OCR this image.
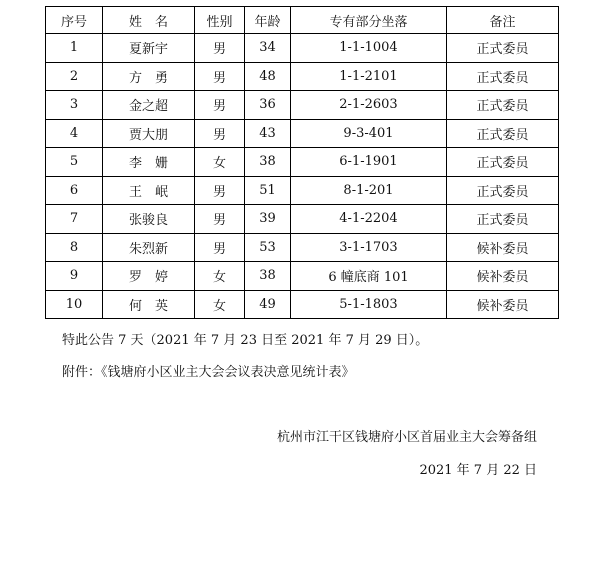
序号	姓　名	性别	年龄	专有部分坐落	备注
1	夏新宇	男	34	1-1-1004	正式委员
2	方　勇	男	48	1-1-2101	正式委员
3	金之超	男	36	2-1-2603	正式委员
4	贾大朋	男	43	9-3-401	正式委员
5	李　姗	女	38	6-1-1901	正式委员
6	王　岷	男	51	8-1-201	正式委员
7	张骏良	男	39	4-1-2204	正式委员
8	朱烈新	男	53	3-1-1703	候补委员
9	罗　婷	女	38	6 幢底商 101	候补委员
10	何　英	女	49	5-1-1803	候补委员
特此公告 7 天（2021 年 7 月 23 日至 2021 年 7 月 29 日）。
附件：《钱塘府小区业主大会会议表决意见统计表》
杭州市江干区钱塘府小区首届业主大会筹备组
2021 年 7 月 22 日
